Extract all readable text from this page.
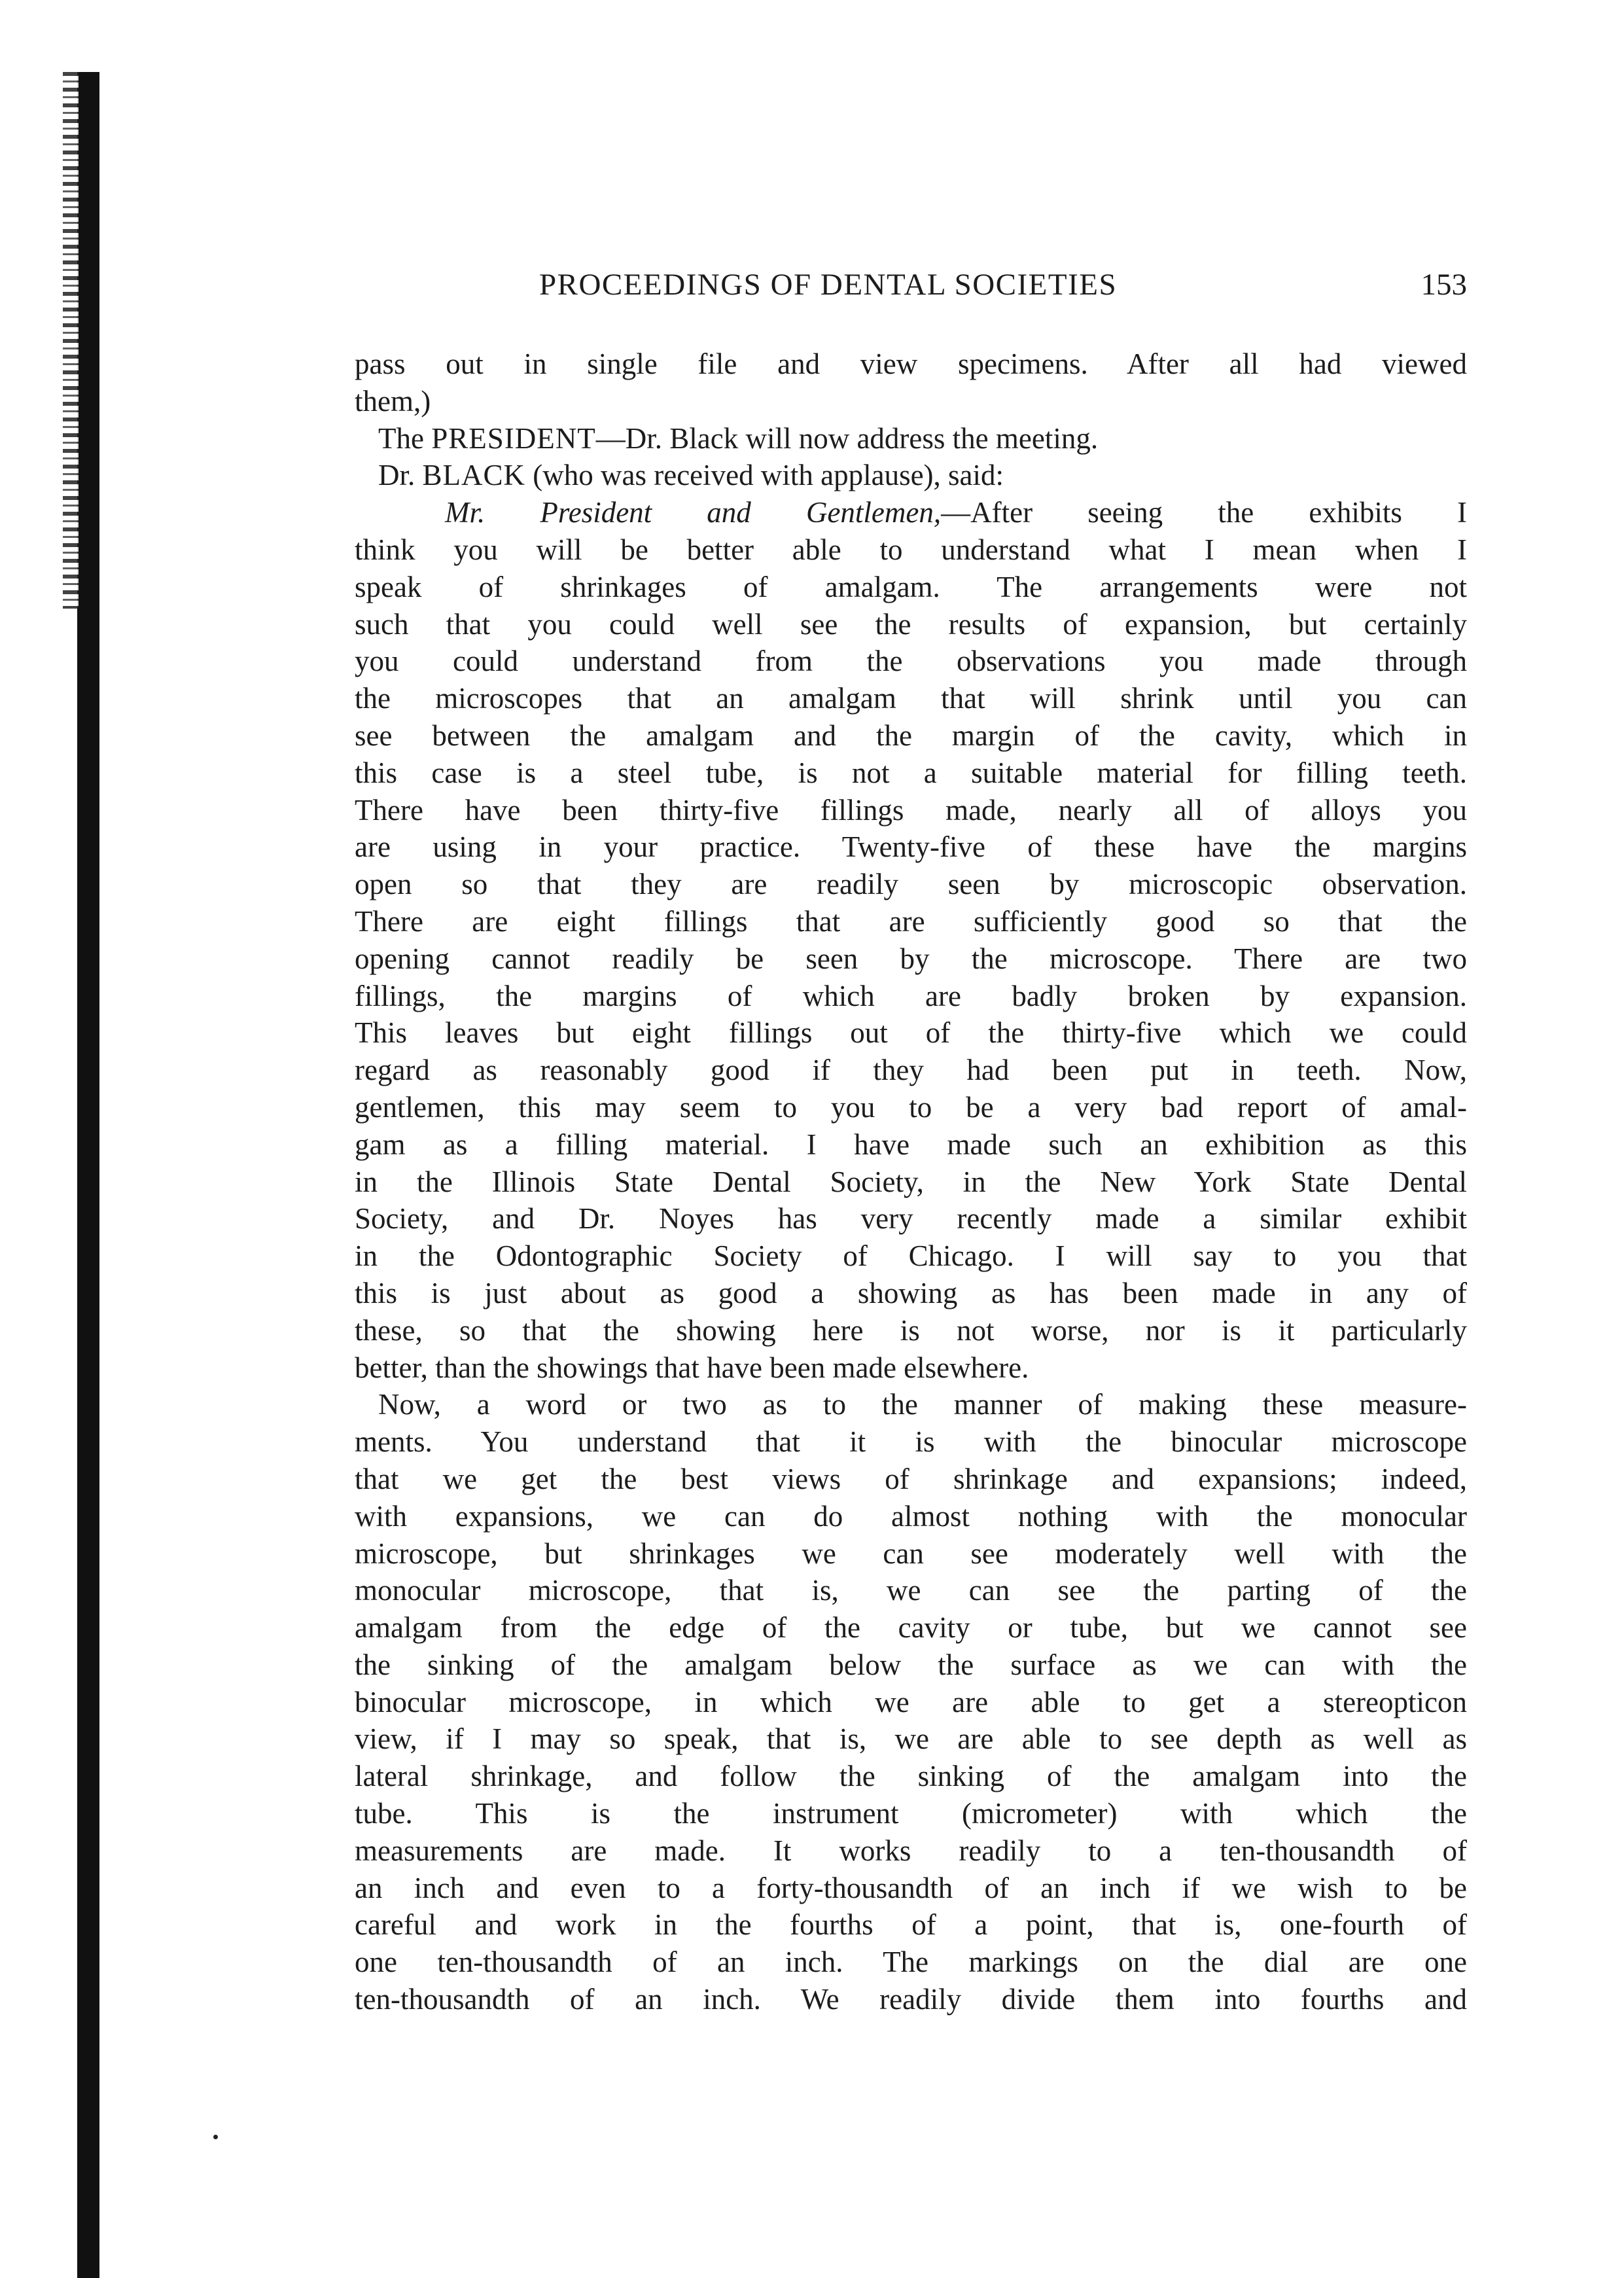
PROCEEDINGS OF DENTAL SOCIETIES	153
pass out in single file and view specimens. After all had viewed
them,)
The PRESIDENT—Dr. Black will now address the meeting.
Dr. BLACK (who was received with applause), said:
Mr. President and Gentlemen,—After seeing the exhibits I
think you will be better able to understand what I mean when I
speak of shrinkages of amalgam. The arrangements were not
such that you could well see the results of expansion, but certainly
you could understand from the observations you made through
the microscopes that an amalgam that will shrink until you can
see between the amalgam and the margin of the cavity, which in
this case is a steel tube, is not a suitable material for filling teeth.
There have been thirty-five fillings made, nearly all of alloys you
are using in your practice. Twenty-five of these have the margins
open so that they are readily seen by microscopic observation.
There are eight fillings that are sufficiently good so that the
opening cannot readily be seen by the microscope. There are two
fillings, the margins of which are badly broken by expansion.
This leaves but eight fillings out of the thirty-five which we could
regard as reasonably good if they had been put in teeth. Now,
gentlemen, this may seem to you to be a very bad report of amal-
gam as a filling material. I have made such an exhibition as this
in the Illinois State Dental Society, in the New York State Dental
Society, and Dr. Noyes has very recently made a similar exhibit
in the Odontographic Society of Chicago. I will say to you that
this is just about as good a showing as has been made in any of
these, so that the showing here is not worse, nor is it particularly
better, than the showings that have been made elsewhere.
Now, a word or two as to the manner of making these measure-
ments. You understand that it is with the binocular microscope
that we get the best views of shrinkage and expansions; indeed,
with expansions, we can do almost nothing with the monocular
microscope, but shrinkages we can see moderately well with the
monocular microscope, that is, we can see the parting of the
amalgam from the edge of the cavity or tube, but we cannot see
the sinking of the amalgam below the surface as we can with the
binocular microscope, in which we are able to get a stereopticon
view, if I may so speak, that is, we are able to see depth as well as
lateral shrinkage, and follow the sinking of the amalgam into the
tube. This is the instrument (micrometer) with which the
measurements are made. It works readily to a ten-thousandth of
an inch and even to a forty-thousandth of an inch if we wish to be
careful and work in the fourths of a point, that is, one-fourth of
one ten-thousandth of an inch. The markings on the dial are one
ten-thousandth of an inch. We readily divide them into fourths and
